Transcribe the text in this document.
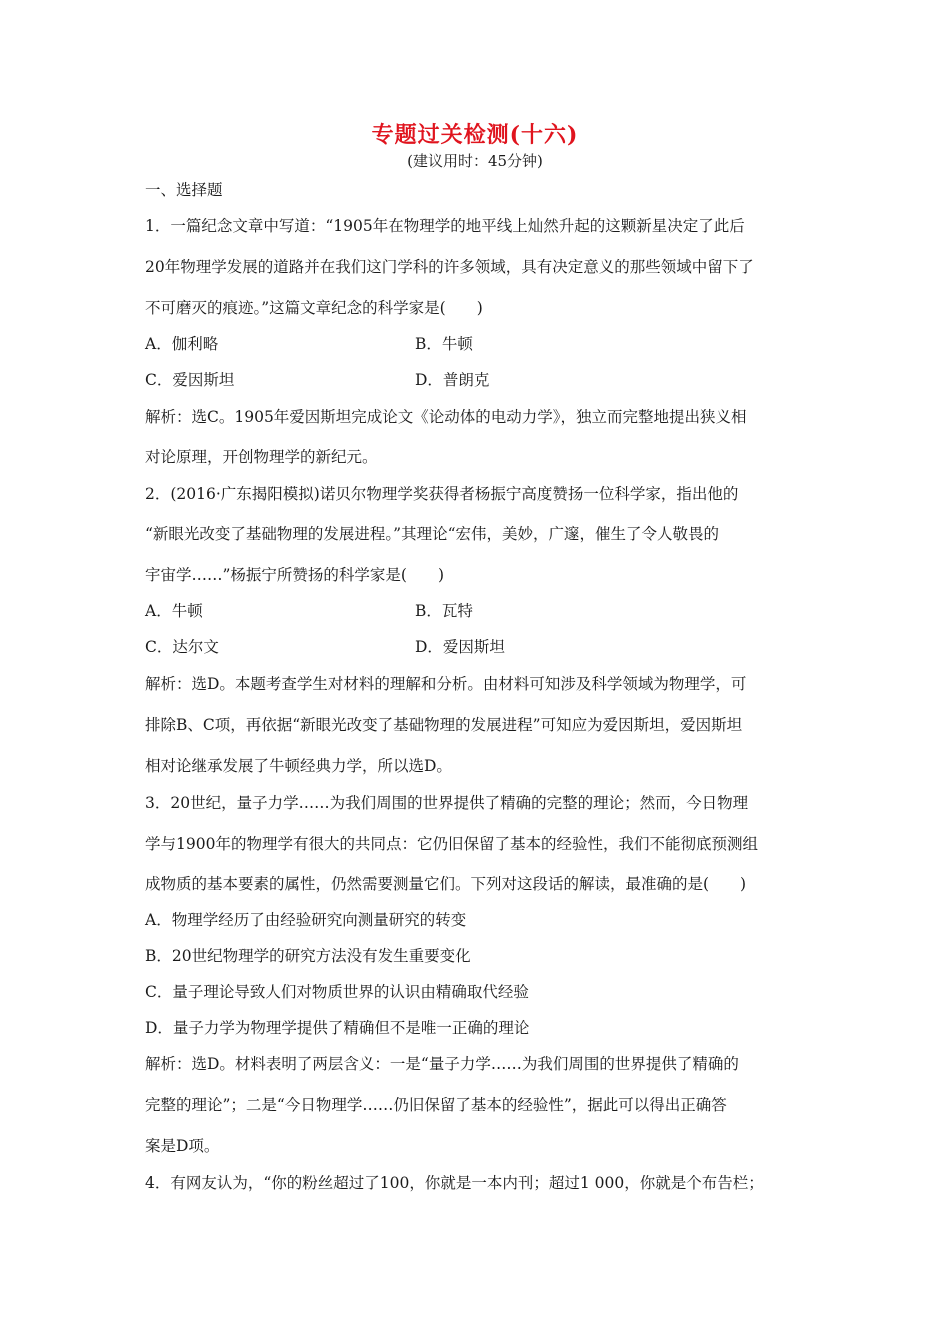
专题过关检测(十六)
(建议用时：45分钟)
一、选择题
1．一篇纪念文章中写道：“1905年在物理学的地平线上灿然升起的这颗新星决定了此后
20年物理学发展的道路并在我们这门学科的许多领域，具有决定意义的那些领域中留下了
不可磨灭的痕迹。”这篇文章纪念的科学家是(　　)
A．伽利略	B．牛顿
C．爱因斯坦	D．普朗克
解析：选C。1905年爱因斯坦完成论文《论动体的电动力学》，独立而完整地提出狭义相
对论原理，开创物理学的新纪元。
2．(2016·广东揭阳模拟)诺贝尔物理学奖获得者杨振宁高度赞扬一位科学家，指出他的
“新眼光改变了基础物理的发展进程。”其理论“宏伟，美妙，广邃，催生了令人敬畏的
宇宙学……”杨振宁所赞扬的科学家是(　　)
A．牛顿	B．瓦特
C．达尔文	D．爱因斯坦
解析：选D。本题考查学生对材料的理解和分析。由材料可知涉及科学领域为物理学，可
排除B、C项，再依据“新眼光改变了基础物理的发展进程”可知应为爱因斯坦，爱因斯坦
相对论继承发展了牛顿经典力学，所以选D。
3．20世纪，量子力学……为我们周围的世界提供了精确的完整的理论；然而，今日物理
学与1900年的物理学有很大的共同点：它仍旧保留了基本的经验性，我们不能彻底预测组
成物质的基本要素的属性，仍然需要测量它们。下列对这段话的解读，最准确的是(　　)
A．物理学经历了由经验研究向测量研究的转变
B．20世纪物理学的研究方法没有发生重要变化
C．量子理论导致人们对物质世界的认识由精确取代经验
D．量子力学为物理学提供了精确但不是唯一正确的理论
解析：选D。材料表明了两层含义：一是“量子力学……为我们周围的世界提供了精确的
完整的理论”；二是“今日物理学……仍旧保留了基本的经验性”，据此可以得出正确答
案是D项。
4．有网友认为，“你的粉丝超过了100，你就是一本内刊；超过1 000，你就是个布告栏；
